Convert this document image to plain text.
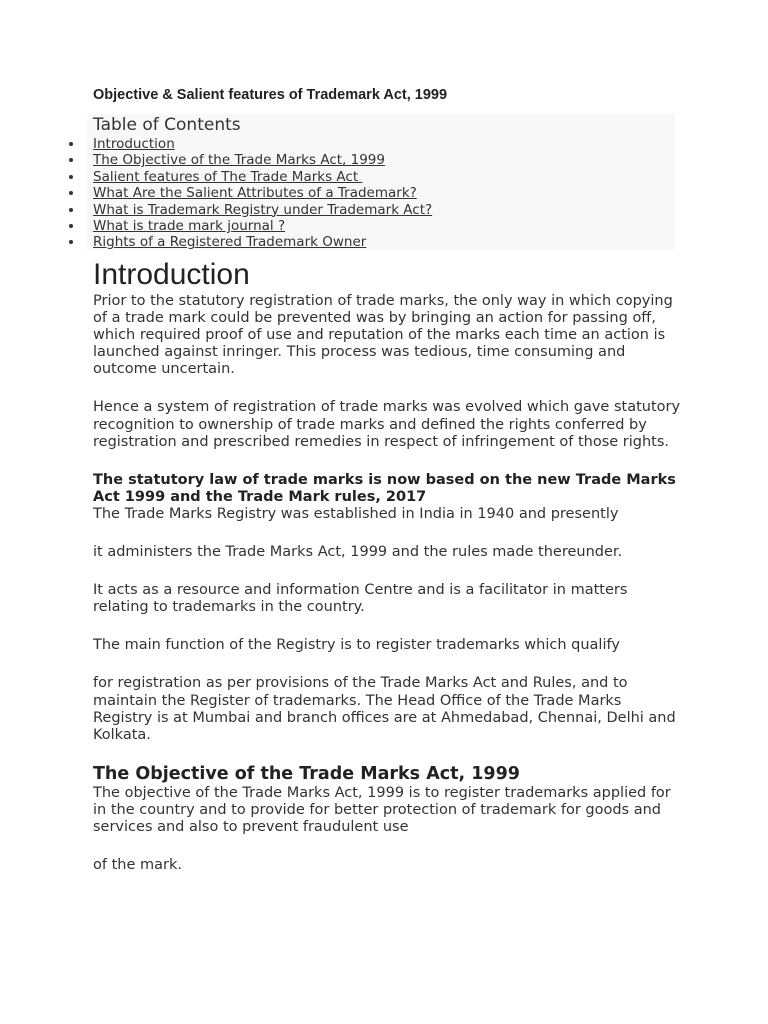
Objective & Salient features of Trademark Act, 1999
Table of Contents
Introduction
The Objective of the Trade Marks Act, 1999
Salient features of The Trade Marks Act
What Are the Salient Attributes of a Trademark?
What is Trademark Registry under Trademark Act?
What is trade mark journal ?
Rights of a Registered Trademark Owner
Introduction

Prior to the statutory registration of trade marks, the only way in which copying of a trade mark could be prevented was by bringing an action for passing off, which required proof of use and reputation of the marks each time an action is launched against inringer. This process was tedious, time consuming and outcome uncertain.

Hence a system of registration of trade marks was evolved which gave statutory recognition to ownership of trade marks and defined the rights conferred by registration and prescribed remedies in respect of infringement of those rights.

The statutory law of trade marks is now based on the new Trade Marks Act 1999 and the Trade Mark rules, 2017

The Trade Marks Registry was established in India in 1940 and presently

it administers the Trade Marks Act, 1999 and the rules made thereunder.

It acts as a resource and information Centre and is a facilitator in matters relating to trademarks in the country.

The main function of the Registry is to register trademarks which qualify

for registration as per provisions of the Trade Marks Act and Rules, and to maintain the Register of trademarks. The Head Office of the Trade Marks Registry is at Mumbai and branch offices are at Ahmedabad, Chennai, Delhi and Kolkata.

The Objective of the Trade Marks Act, 1999

The objective of the Trade Marks Act, 1999 is to register trademarks applied for in the country and to provide for better protection of trademark for goods and services and also to prevent fraudulent use

of the mark.
